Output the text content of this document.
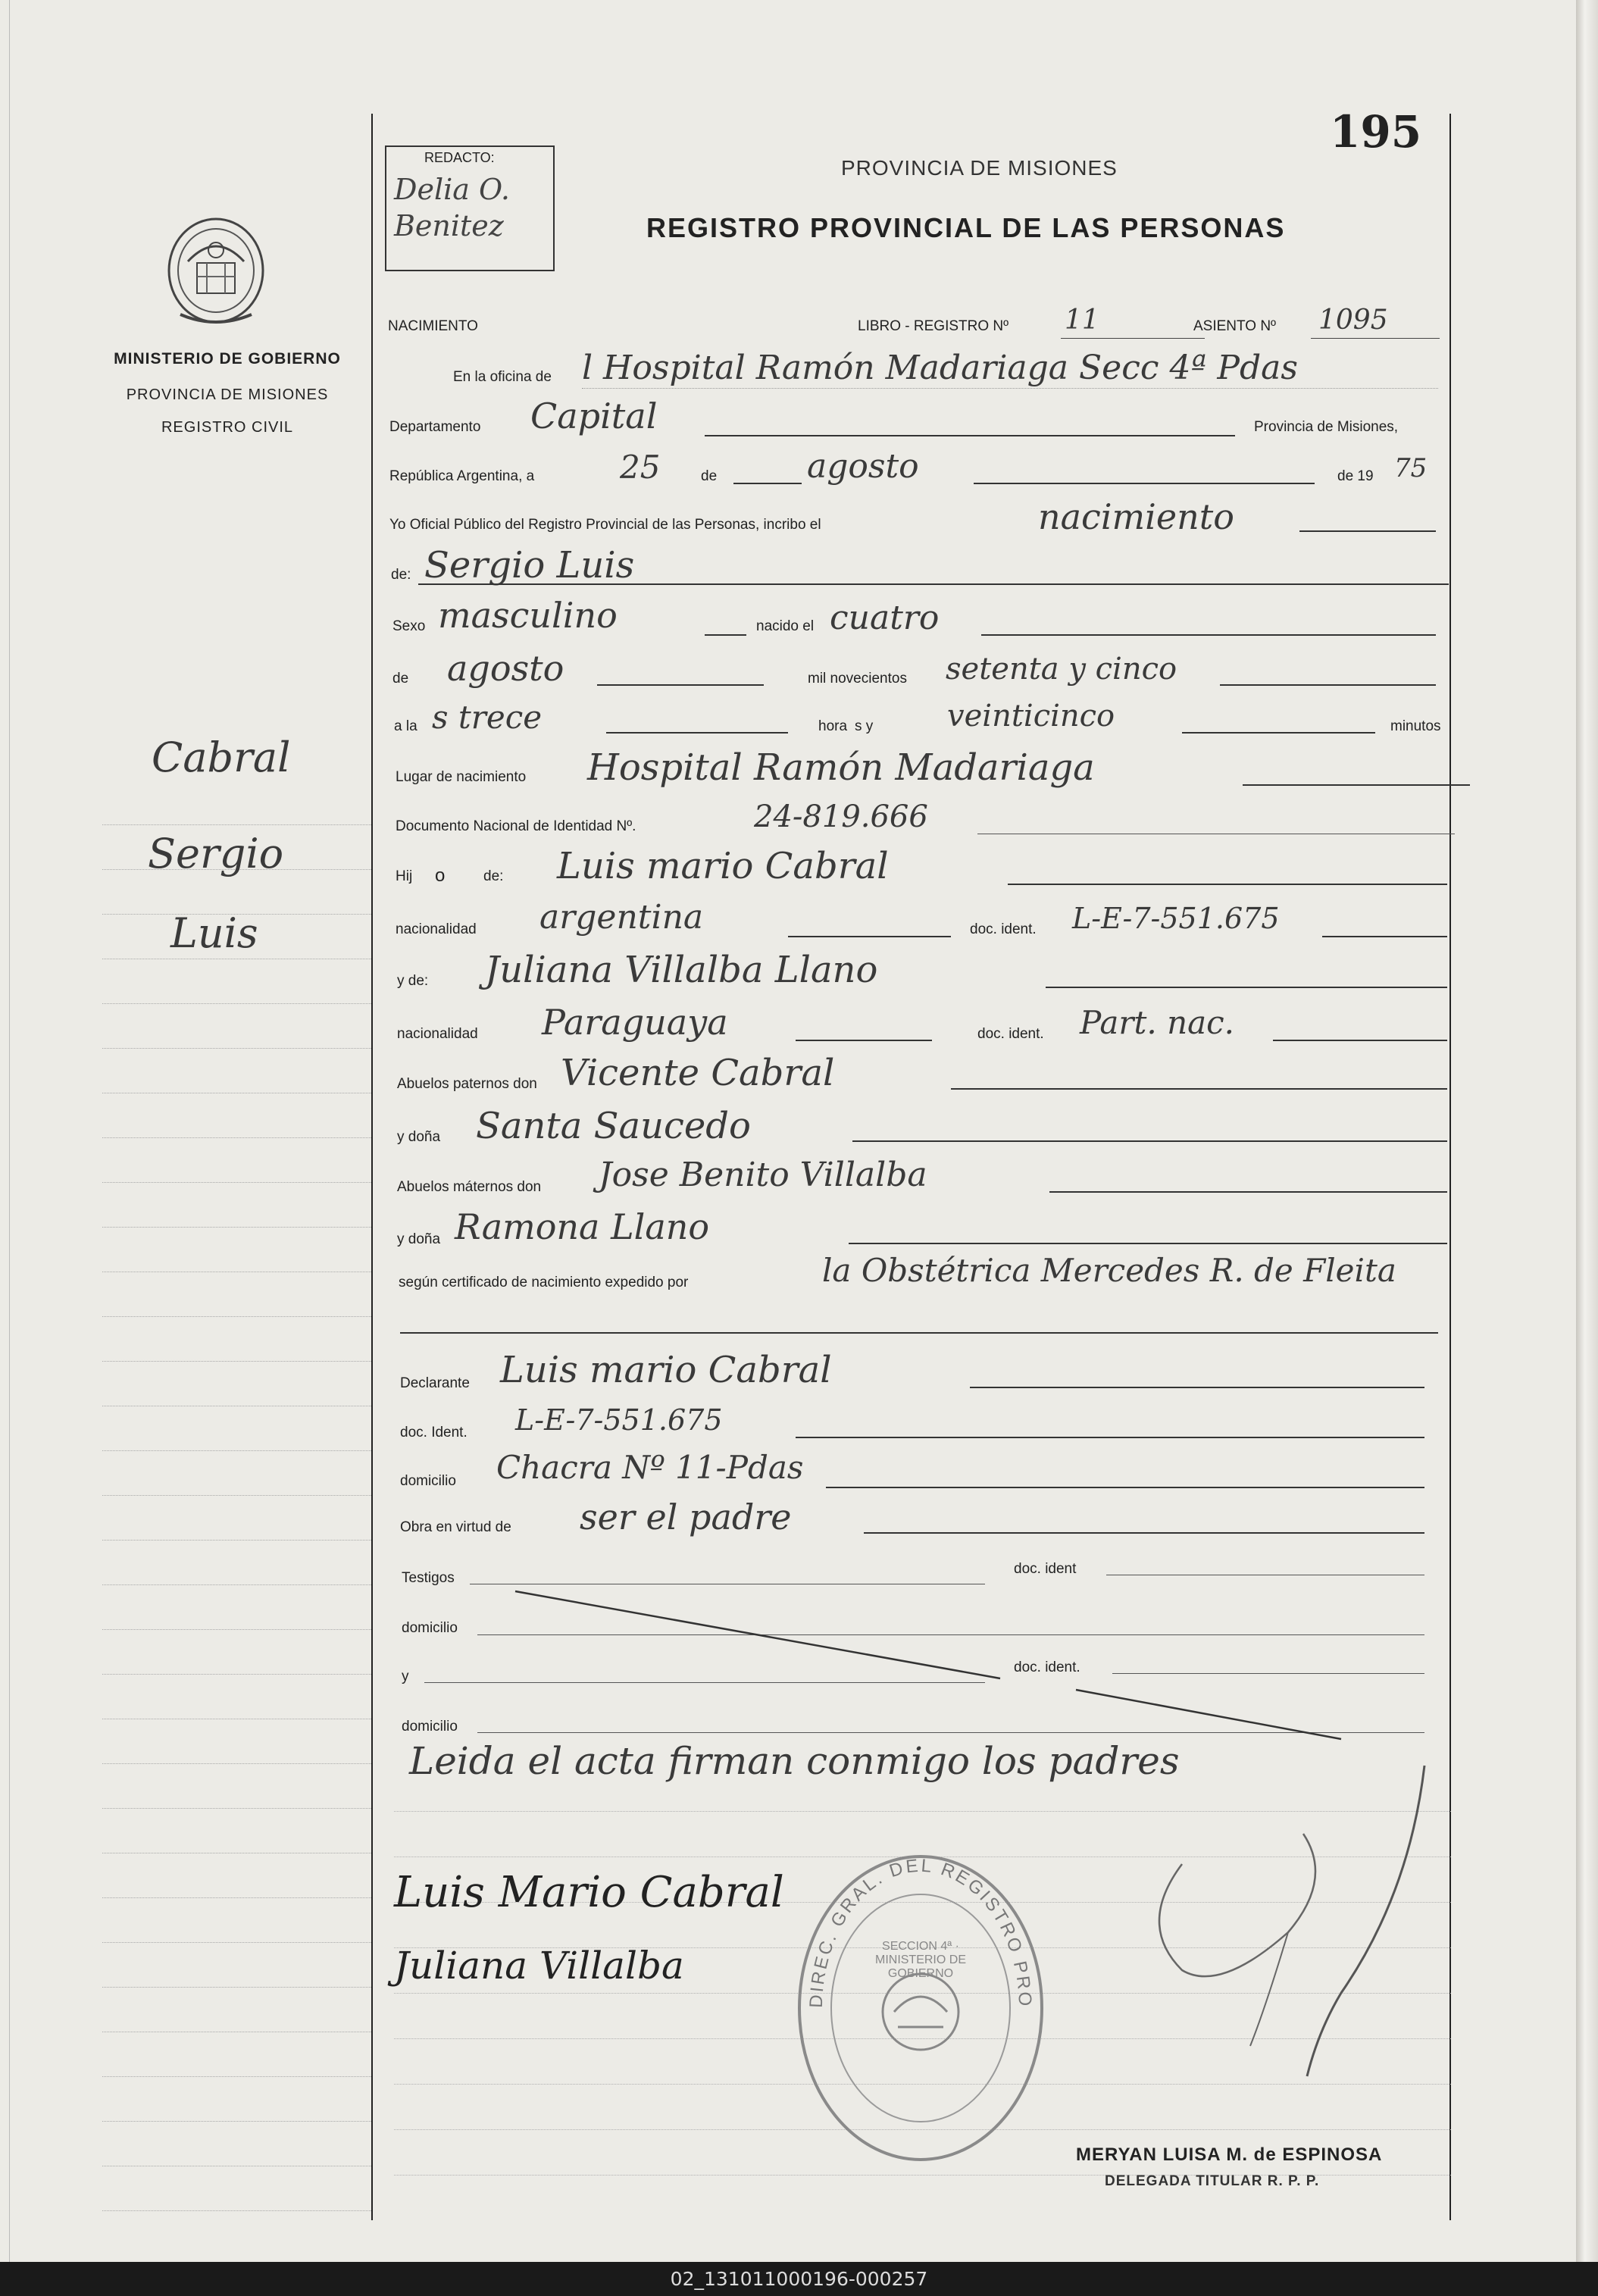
195
REDACTO:
Delia O. Benitez
PROVINCIA DE MISIONES
REGISTRO PROVINCIAL DE LAS PERSONAS
MINISTERIO DE GOBIERNO
PROVINCIA DE MISIONES
REGISTRO CIVIL
Cabral
Sergio
Luis
NACIMIENTO	LIBRO - REGISTRO Nº 11	ASIENTO Nº 1095
En la oficina de l Hospital Ramón Madariaga Secc 4ª Pdas
Departamento Capital	Provincia de Misiones,
República Argentina, a	25	de	agosto	de 19 75
Yo Oficial Público del Registro Provincial de las Personas, incribo el	nacimiento
de: Sergio Luis
Sexo masculino	nacido el cuatro
de agosto	mil novecientos setenta y cinco
a la s trece	hora s y veinticinco	minutos
Lugar de nacimiento Hospital Ramón Madariaga
Documento Nacional de Identidad Nº.	24-819.666
Hij o	de: Luis mario Cabral
nacionalidad argentina	doc. ident. L-E-7-551.675
y de: Juliana Villalba Llano
nacionalidad Paraguaya	doc. ident. Part. nac.
Abuelos paternos don Vicente Cabral
y doña Santa Saucedo
Abuelos máternos don Jose Benito Villalba
y doña Ramona Llano
según certificado de nacimiento expedido por	la Obstétrica Mercedes R. de Fleita
Declarante Luis mario Cabral
doc. Ident. L-E-7-551.675
domicilio Chacra Nº 11-Pdas
Obra en virtud de ser el padre
Testigos
doc. ident
domicilio
y
doc. ident.
domicilio
Leida el acta firman conmigo los padres
Luis Mario Cabral
Juliana Villalba
DIREC. GRAL. DEL REGISTRO PRO
SECCION 4ª · MINISTERIO DE GOBIERNO
MERYAN LUISA M. de ESPINOSA
DELEGADA TITULAR R. P. P.
02_131011000196-000257
